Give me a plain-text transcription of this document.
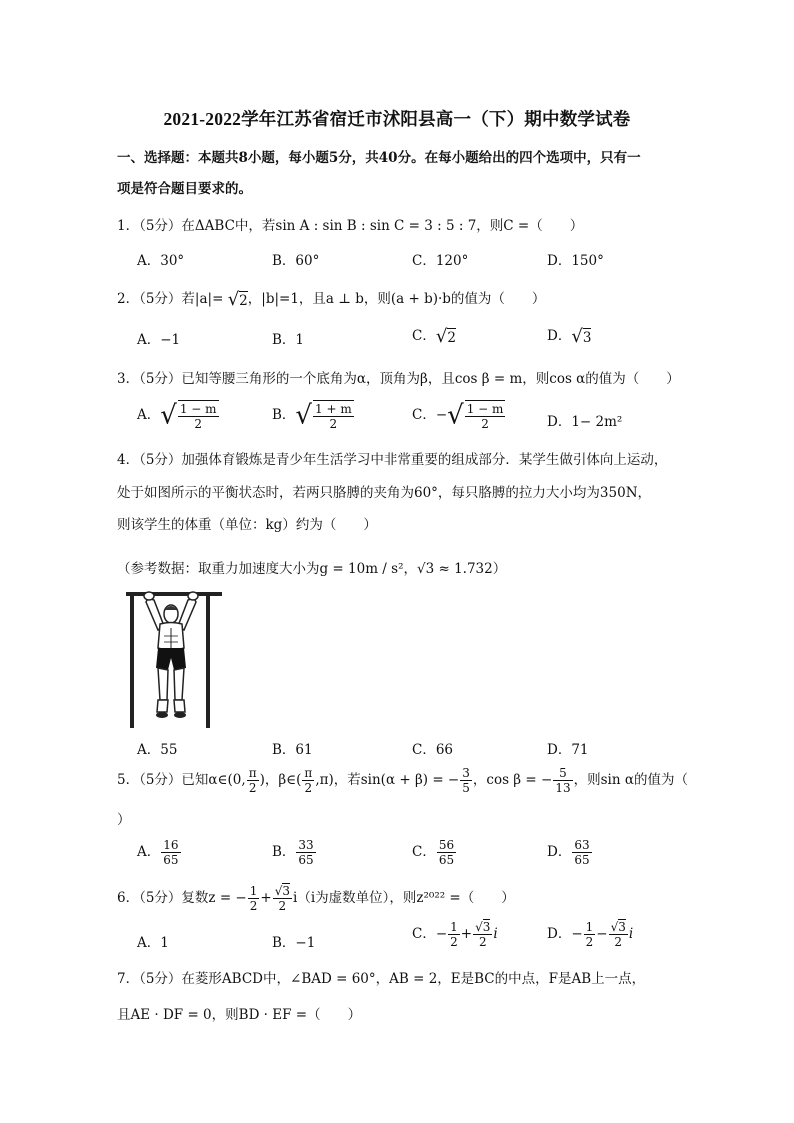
2021-2022学年江苏省宿迁市沭阳县高一（下）期中数学试卷
一、选择题：本题共8小题，每小题5分，共40分。在每小题给出的四个选项中，只有一
项是符合题目要求的。
1．（5分）在ΔABC中，若sin A : sin B : sin C = 3 : 5 : 7，则C =（　　）
A．30°	B．60°	C．120°	D．150°
2．（5分）若|a|= √2，|b|=1，且a ⊥ b，则(a + b)·b的值为（　　）
A．−1	B．1	C．√2	D．√3
3．（5分）已知等腰三角形的一个底角为α，顶角为β，且cos β = m，则cos α的值为（　　）
A．√ $\frac{1 - m}{2}$	B．√ $\frac{1 + m}{2}$	C．−√ $\frac{1 - m}{2}$	D．1− 2m²
4．（5分）加强体育锻炼是青少年生活学习中非常重要的组成部分．某学生做引体向上运动，
处于如图所示的平衡状态时，若两只胳膊的夹角为60°，每只胳膊的拉力大小均为350N，
则该学生的体重（单位：kg）约为（　　）
（参考数据：取重力加速度大小为g = 10m / s²，√3 ≈ 1.732）
A．55	B．61	C．66	D．71
5．（5分）已知α∈(0, $\frac{\pi}{2}$ )，β∈( $\frac{\pi}{2} ,\pi$)，若sin(α + β) = − $\frac{3}{5}$ ，cos β = − $\frac{5}{13}$ ，则sin α的值为（
）
A． $\frac{16}{65}$	B． $\frac{33}{65}$	C． $\frac{56}{65}$	D． $\frac{63}{65}$
6．（5分）复数z = − $\frac{1}{2} + \frac{√3}{2} i(i$为虚数单位），则z²⁰²² =（　　）
A．1	B．−1
C．− $\frac{1}{2} + \frac{√3}{2}$ i	D．− $\frac{1}{2} - \frac{√3}{2}$ i
7．（5分）在菱形ABCD中，∠BAD = 60°，AB = 2，E是BC的中点，F是AB上一点，
且AE · DF = 0，则BD · EF =（　　）
